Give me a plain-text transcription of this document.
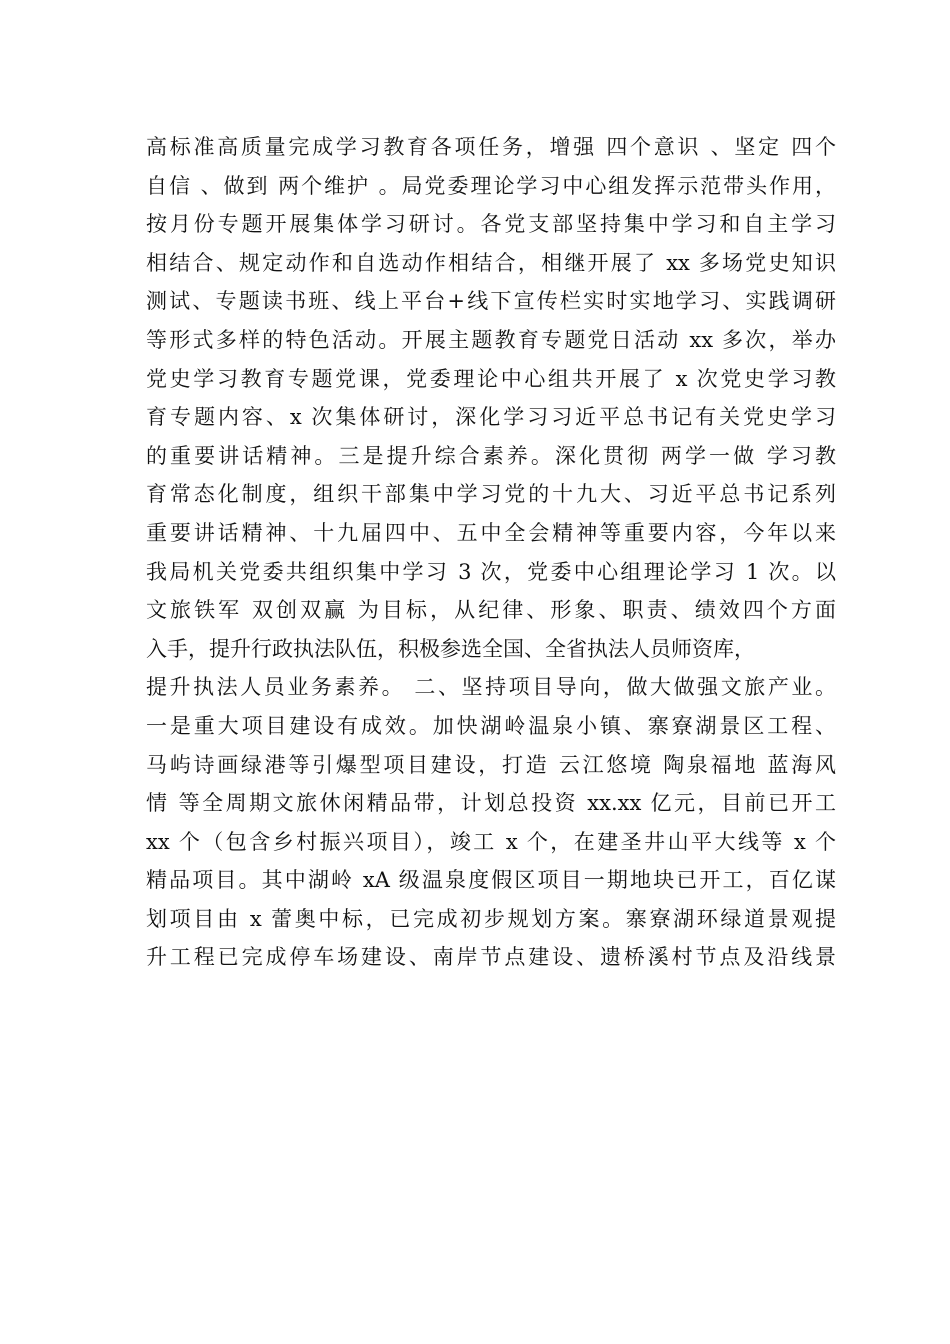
高标准高质量完成学习教育各项任务，增强 四个意识 、坚定 四个
自信 、做到 两个维护 。局党委理论学习中心组发挥示范带头作用，
按月份专题开展集体学习研讨。各党支部坚持集中学习和自主学习
相结合、规定动作和自选动作相结合，相继开展了 xx 多场党史知识
测试、专题读书班、线上平台+线下宣传栏实时实地学习、实践调研
等形式多样的特色活动。开展主题教育专题党日活动 xx 多次，举办
党史学习教育专题党课，党委理论中心组共开展了 x 次党史学习教
育专题内容、x 次集体研讨，深化学习习近平总书记有关党史学习
的重要讲话精神。三是提升综合素养。深化贯彻 两学一做 学习教
育常态化制度，组织干部集中学习党的十九大、习近平总书记系列
重要讲话精神、十九届四中、五中全会精神等重要内容，今年以来
我局机关党委共组织集中学习 3 次，党委中心组理论学习 1 次。以
文旅铁军 双创双赢 为目标，从纪律、形象、职责、绩效四个方面
入手，提升行政执法队伍，积极参选全国、全省执法人员师资库，
提升执法人员业务素养。 二、坚持项目导向，做大做强文旅产业。
一是重大项目建设有成效。加快湖岭温泉小镇、寨寮湖景区工程、
马屿诗画绿港等引爆型项目建设，打造 云江悠境 陶泉福地 蓝海风
情 等全周期文旅休闲精品带，计划总投资 xx.xx 亿元，目前已开工
xx 个（包含乡村振兴项目），竣工 x 个，在建圣井山平大线等 x 个
精品项目。其中湖岭 xA 级温泉度假区项目一期地块已开工，百亿谋
划项目由 x 蕾奥中标，已完成初步规划方案。寨寮湖环绿道景观提
升工程已完成停车场建设、南岸节点建设、遗桥溪村节点及沿线景
